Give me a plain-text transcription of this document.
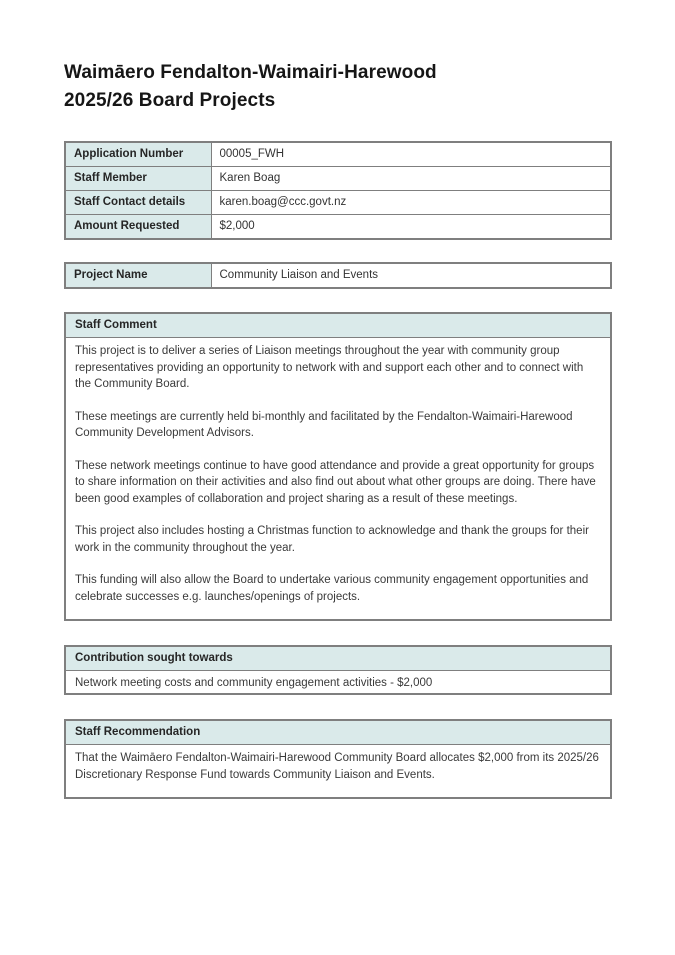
Waimāero Fendalton-Waimairi-Harewood
2025/26 Board Projects
Application Number	00005_FWH
Staff Member	Karen Boag
Staff Contact details	karen.boag@ccc.govt.nz
Amount Requested	$2,000
Project Name	Community Liaison and Events
Staff Comment

This project is to deliver a series of Liaison meetings throughout the year with community group representatives providing an opportunity to network with and support each other and to connect with the Community Board.

These meetings are currently held bi-monthly and facilitated by the Fendalton-Waimairi-Harewood Community Development Advisors.

These network meetings continue to have good attendance and provide a great opportunity for groups to share information on their activities and also find out about what other groups are doing. There have been good examples of collaboration and project sharing as a result of these meetings.

This project also includes hosting a Christmas function to acknowledge and thank the groups for their work in the community throughout the year.

This funding will also allow the Board to undertake various community engagement opportunities and celebrate successes e.g. launches/openings of projects.

Contribution sought towards
Network meeting costs and community engagement activities - $2,000
Staff Recommendation

That the Waimāero Fendalton-Waimairi-Harewood Community Board allocates $2,000 from its 2025/26 Discretionary Response Fund towards Community Liaison and Events.
